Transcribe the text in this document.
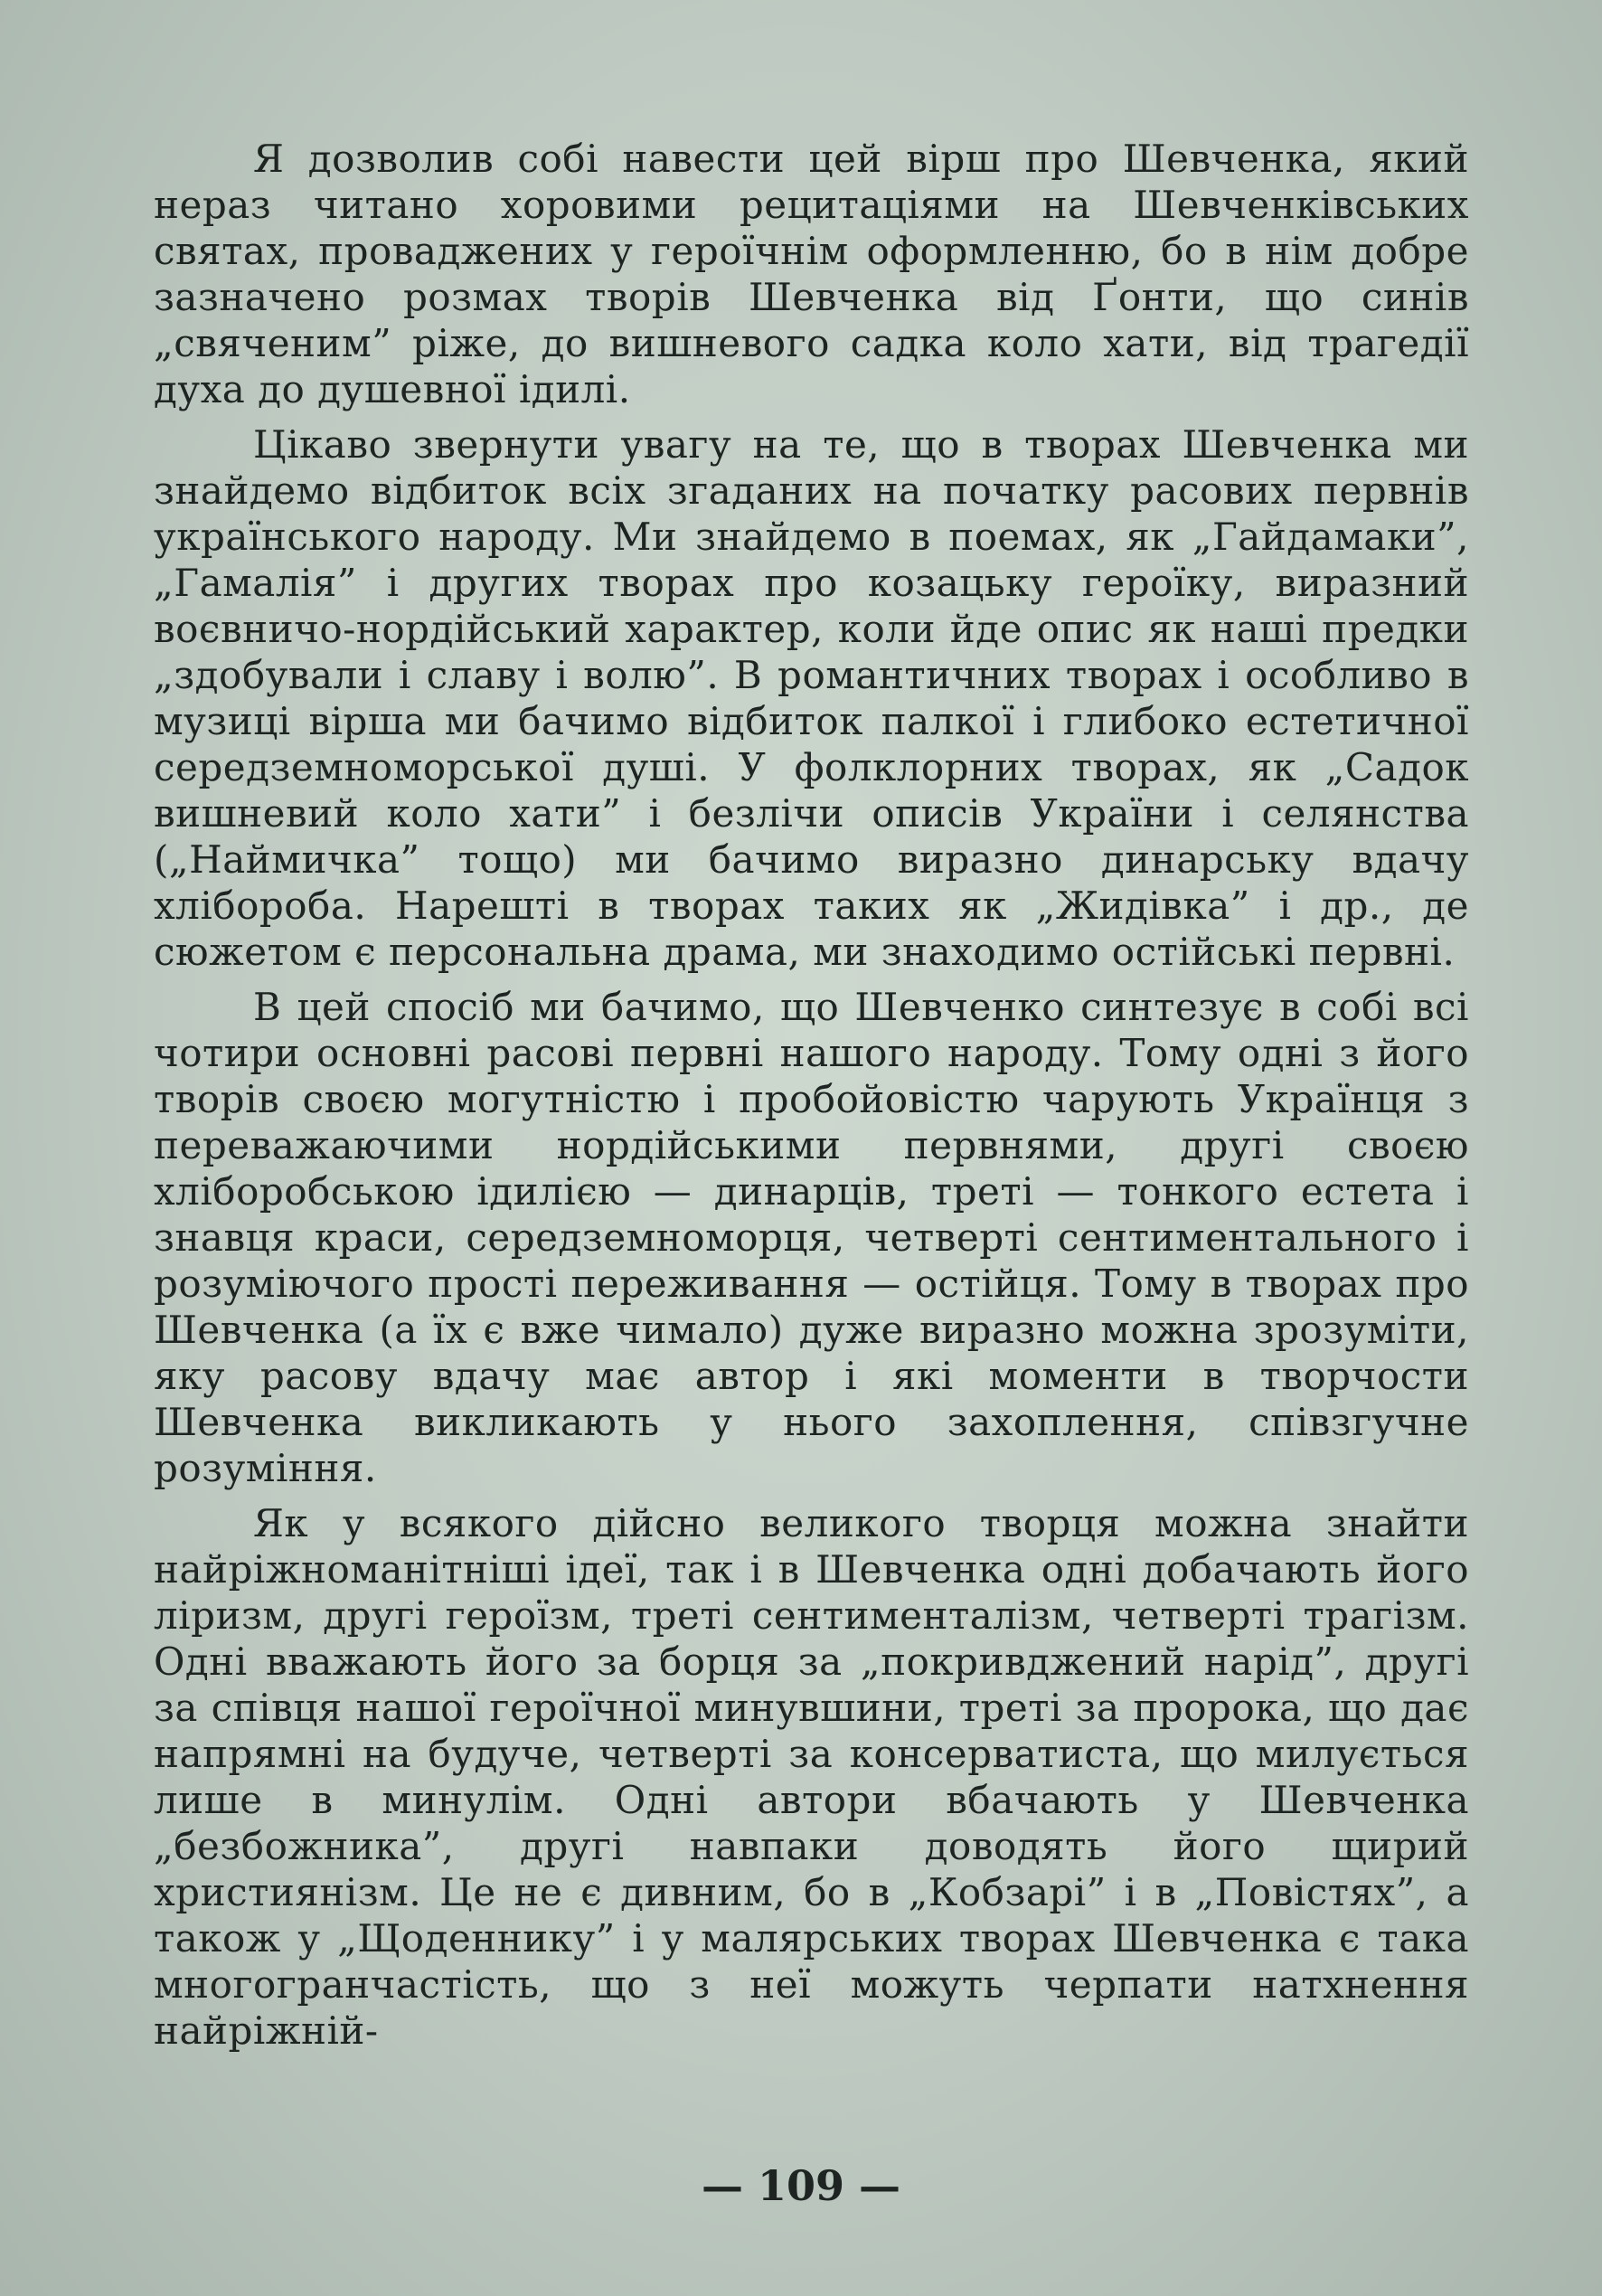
Я дозволив собі навести цей вірш про Шевченка, який нераз читано хоровими рецитаціями на Шевченківських святах, проваджених у героїчнім оформленню, бо в нім добре зазначено розмах творів Шевченка від Ґонти, що синів „свяченим” ріже, до вишневого садка коло хати, від трагедії духа до душевної ідилі.

Цікаво звернути увагу на те, що в творах Шевченка ми знайдемо відбиток всіх згаданих на початку расових первнів українського народу. Ми знайдемо в поемах, як „Гайдамаки”, „Гамалія” і других творах про козацьку героїку, виразний воєвничо-нордійський характер, коли йде опис як наші предки „здобували і славу і волю”. В романтичних творах і особливо в музиці вірша ми бачимо відбиток палкої і глибоко естетичної середземноморської душі. У фолклорних творах, як „Садок вишневий коло хати” і безлічи описів України і селянства („Наймичка” тощо) ми бачимо виразно динарську вдачу хлібороба. Нарешті в творах таких як „Жидівка” і др., де сюжетом є персональна драма, ми знаходимо остійські первні.

В цей спосіб ми бачимо, що Шевченко синтезує в собі всі чотири основні расові первні нашого народу. Тому одні з його творів своєю могутністю і пробойовістю чарують Українця з переважаючими нордійськими первнями, другі своєю хліборобською ідилією — динарців, треті — тонкого естета і знавця краси, середземноморця, четверті сентиментального і розуміючого прості переживання — остійця. Тому в творах про Шевченка (а їх є вже чимало) дуже виразно можна зрозуміти, яку расову вдачу має автор і які моменти в творчости Шевченка викликають у нього захоплення, співзгучне розуміння.

Як у всякого дійсно великого творця можна знайти найріжноманітніші ідеї, так і в Шевченка одні добачають його ліризм, другі героїзм, треті сентименталізм, четверті трагізм. Одні вважають його за борця за „покривджений нарід”, другі за співця нашої героїчної минувшини, треті за пророка, що дає напрямні на будуче, четверті за консерватиста, що милується лише в минулім. Одні автори вбачають у Шевченка „безбожника”, другі навпаки доводять його щирий християнізм. Це не є дивним, бо в „Кобзарі” і в „Повістях”, а також у „Щоденнику” і у малярських творах Шевченка є така многогранчастість, що з неї можуть черпати натхнення найріжній-

— 109 —
